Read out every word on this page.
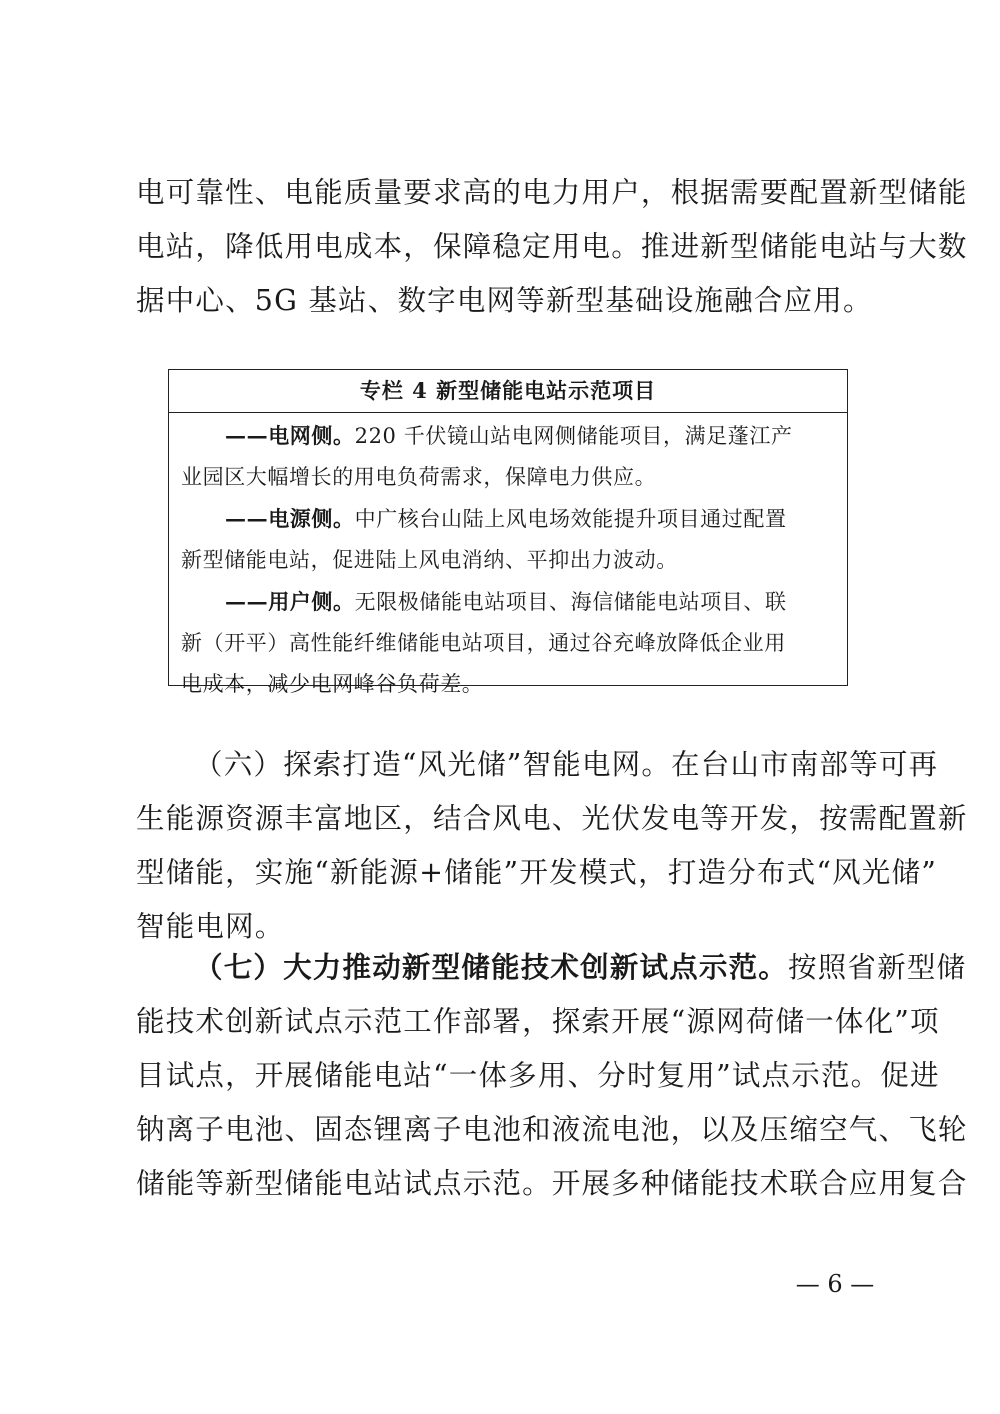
电可靠性、电能质量要求高的电力用户，根据需要配置新型储能
电站，降低用电成本，保障稳定用电。推进新型储能电站与大数
据中心、5G 基站、数字电网等新型基础设施融合应用。
专栏 4 新型储能电站示范项目
——电网侧。220 千伏镜山站电网侧储能项目，满足蓬江产
业园区大幅增长的用电负荷需求，保障电力供应。
——电源侧。中广核台山陆上风电场效能提升项目通过配置
新型储能电站，促进陆上风电消纳、平抑出力波动。
——用户侧。无限极储能电站项目、海信储能电站项目、联
新（开平）高性能纤维储能电站项目，通过谷充峰放降低企业用
电成本，减少电网峰谷负荷差。
（六）探索打造“风光储”智能电网。在台山市南部等可再
生能源资源丰富地区，结合风电、光伏发电等开发，按需配置新
型储能，实施“新能源+储能”开发模式，打造分布式“风光储”
智能电网。
（七）大力推动新型储能技术创新试点示范。按照省新型储
能技术创新试点示范工作部署，探索开展“源网荷储一体化”项
目试点，开展储能电站“一体多用、分时复用”试点示范。促进
钠离子电池、固态锂离子电池和液流电池，以及压缩空气、飞轮
储能等新型储能电站试点示范。开展多种储能技术联合应用复合
— 6 —
